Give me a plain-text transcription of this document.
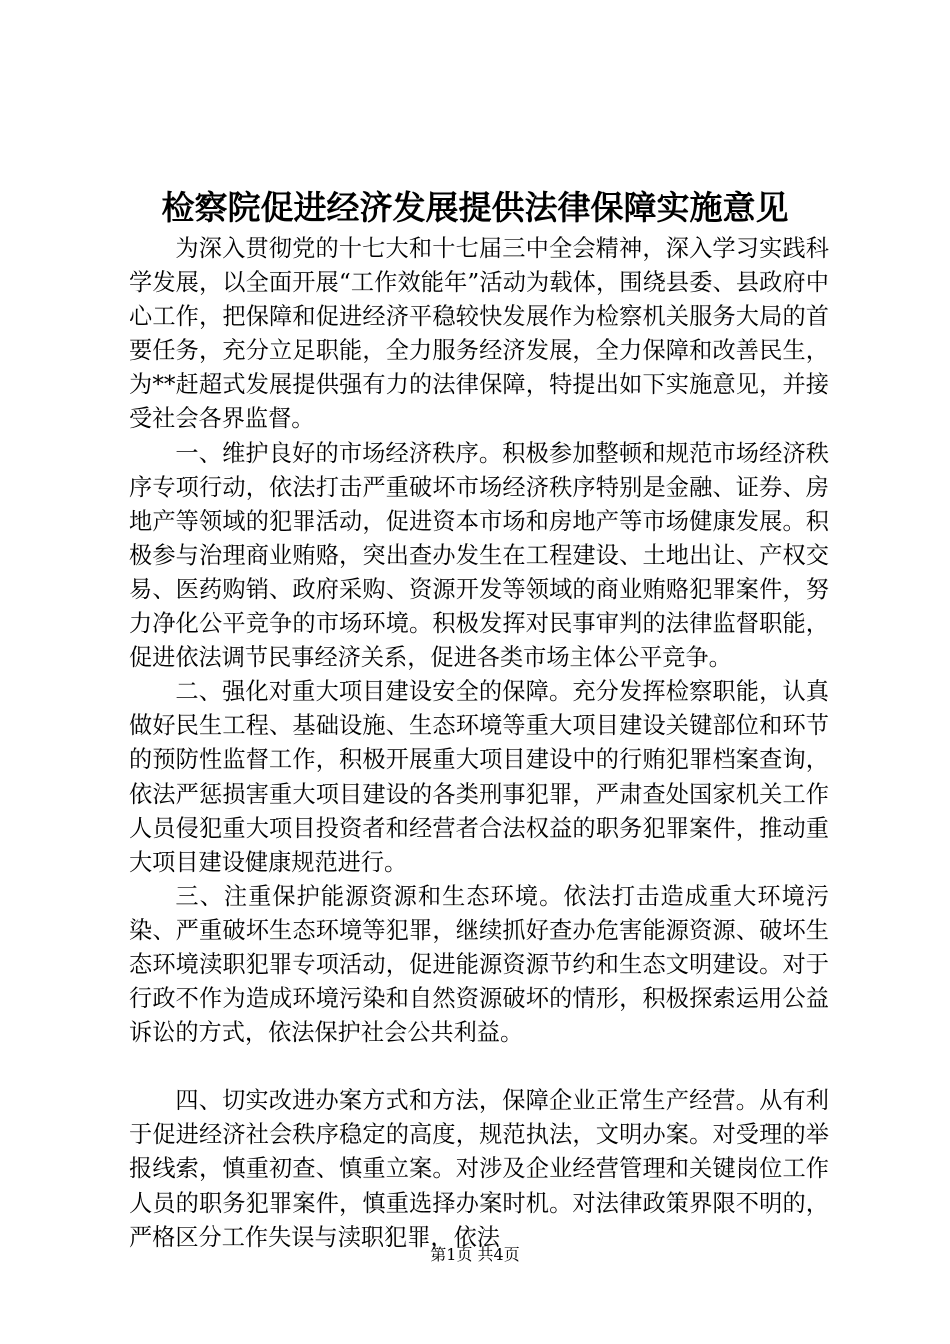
检察院促进经济发展提供法律保障实施意见

为深入贯彻党的十七大和十七届三中全会精神，深入学习实践科学发展，以全面开展“工作效能年”活动为载体，围绕县委、县政府中心工作，把保障和促进经济平稳较快发展作为检察机关服务大局的首要任务，充分立足职能，全力服务经济发展，全力保障和改善民生，为**赶超式发展提供强有力的法律保障，特提出如下实施意见，并接受社会各界监督。

一、维护良好的市场经济秩序。积极参加整顿和规范市场经济秩序专项行动，依法打击严重破坏市场经济秩序特别是金融、证券、房地产等领域的犯罪活动，促进资本市场和房地产等市场健康发展。积极参与治理商业贿赂，突出查办发生在工程建设、土地出让、产权交易、医药购销、政府采购、资源开发等领域的商业贿赂犯罪案件，努力净化公平竞争的市场环境。积极发挥对民事审判的法律监督职能，促进依法调节民事经济关系，促进各类市场主体公平竞争。

二、强化对重大项目建设安全的保障。充分发挥检察职能，认真做好民生工程、基础设施、生态环境等重大项目建设关键部位和环节的预防性监督工作，积极开展重大项目建设中的行贿犯罪档案查询，依法严惩损害重大项目建设的各类刑事犯罪，严肃查处国家机关工作人员侵犯重大项目投资者和经营者合法权益的职务犯罪案件，推动重大项目建设健康规范进行。

三、注重保护能源资源和生态环境。依法打击造成重大环境污染、严重破坏生态环境等犯罪，继续抓好查办危害能源资源、破坏生态环境渎职犯罪专项活动，促进能源资源节约和生态文明建设。对于行政不作为造成环境污染和自然资源破坏的情形，积极探索运用公益诉讼的方式，依法保护社会公共利益。

四、切实改进办案方式和方法，保障企业正常生产经营。从有利于促进经济社会秩序稳定的高度，规范执法，文明办案。对受理的举报线索，慎重初查、慎重立案。对涉及企业经营管理和关键岗位工作人员的职务犯罪案件，慎重选择办案时机。对法律政策界限不明的，严格区分工作失误与渎职犯罪，依法

第1页 共4页
